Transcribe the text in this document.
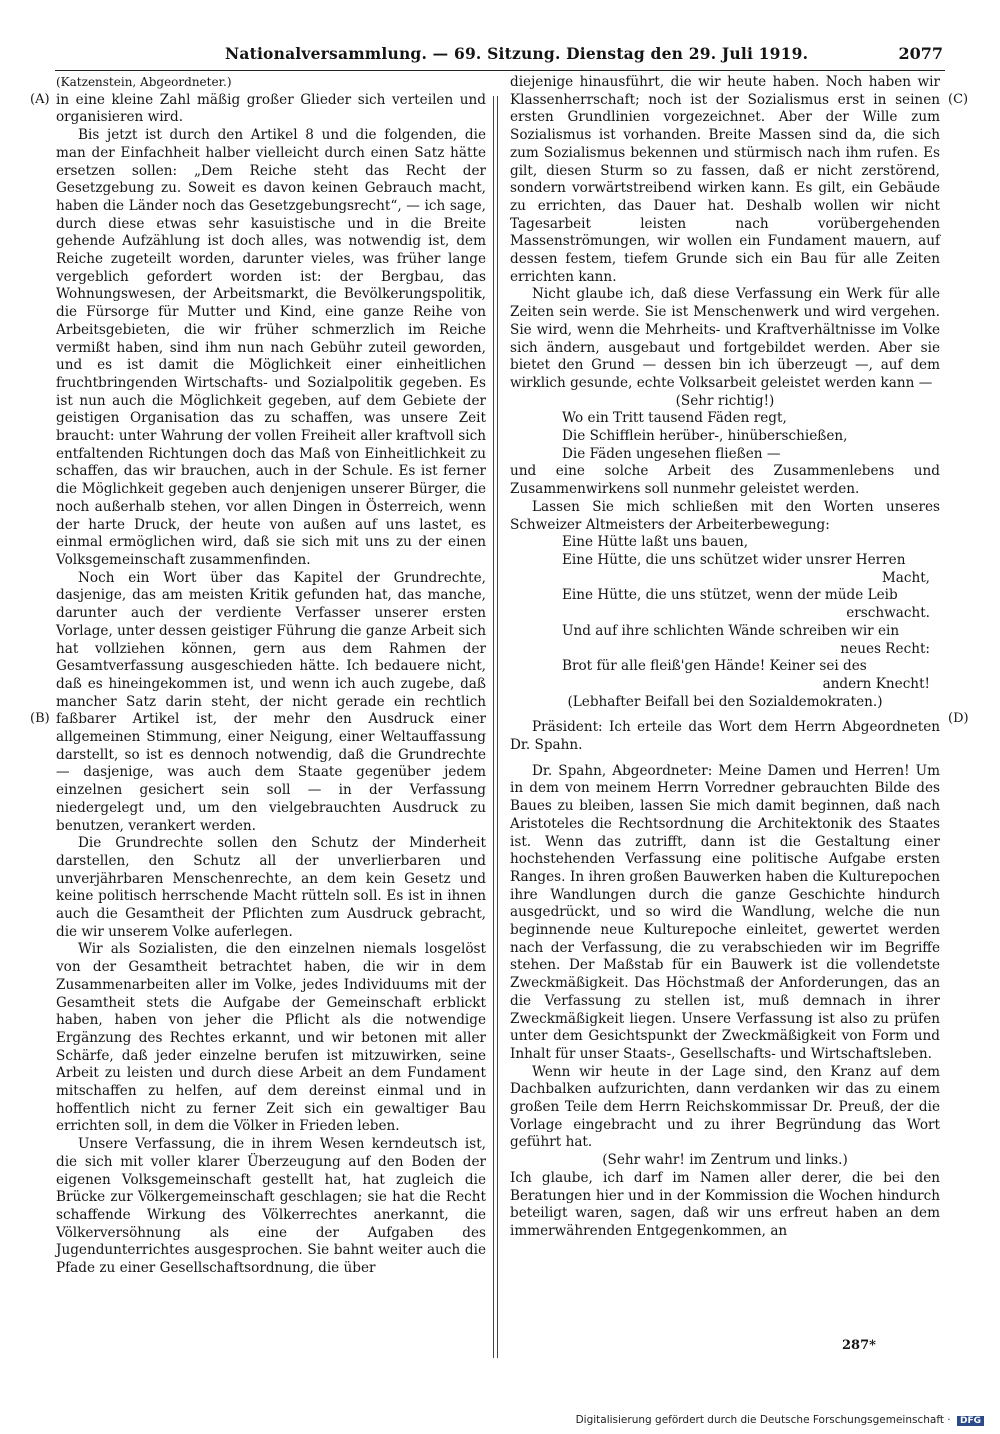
Nationalversammlung. — 69. Sitzung. Dienstag den 29. Juli 1919.	2077
(A)
(B)
(C)
(D)

(Katzenstein, Abgeordneter.)

in eine kleine Zahl mäßig großer Glieder sich verteilen und organisieren wird.

Bis jetzt ist durch den Artikel 8 und die folgenden, die man der Einfachheit halber vielleicht durch einen Satz hätte ersetzen sollen: „Dem Reiche steht das Recht der Gesetzgebung zu. Soweit es davon keinen Gebrauch macht, haben die Länder noch das Gesetzgebungsrecht“, — ich sage, durch diese etwas sehr kasuistische und in die Breite gehende Aufzählung ist doch alles, was notwendig ist, dem Reiche zugeteilt worden, darunter vieles, was früher lange vergeblich gefordert worden ist: der Bergbau, das Wohnungswesen, der Arbeitsmarkt, die Bevölkerungspolitik, die Fürsorge für Mutter und Kind, eine ganze Reihe von Arbeitsgebieten, die wir früher schmerzlich im Reiche vermißt haben, sind ihm nun nach Gebühr zuteil geworden, und es ist damit die Möglichkeit einer einheitlichen fruchtbringenden Wirtschafts- und Sozialpolitik gegeben. Es ist nun auch die Möglichkeit gegeben, auf dem Gebiete der geistigen Organisation das zu schaffen, was unsere Zeit braucht: unter Wahrung der vollen Freiheit aller kraftvoll sich entfaltenden Richtungen doch das Maß von Einheitlichkeit zu schaffen, das wir brauchen, auch in der Schule. Es ist ferner die Möglichkeit gegeben auch denjenigen unserer Bürger, die noch außerhalb stehen, vor allen Dingen in Österreich, wenn der harte Druck, der heute von außen auf uns lastet, es einmal ermöglichen wird, daß sie sich mit uns zu der einen Volksgemeinschaft zusammenfinden.

Noch ein Wort über das Kapitel der Grundrechte, dasjenige, das am meisten Kritik gefunden hat, das manche, darunter auch der verdiente Verfasser unserer ersten Vorlage, unter dessen geistiger Führung die ganze Arbeit sich hat vollziehen können, gern aus dem Rahmen der Gesamtverfassung ausgeschieden hätte. Ich bedauere nicht, daß es hineingekommen ist, und wenn ich auch zugebe, daß mancher Satz darin steht, der nicht gerade ein rechtlich faßbarer Artikel ist, der mehr den Ausdruck einer allgemeinen Stimmung, einer Neigung, einer Weltauffassung darstellt, so ist es dennoch notwendig, daß die Grundrechte — dasjenige, was auch dem Staate gegenüber jedem einzelnen gesichert sein soll — in der Verfassung niedergelegt und, um den vielgebrauchten Ausdruck zu benutzen, verankert werden.

Die Grundrechte sollen den Schutz der Minderheit darstellen, den Schutz all der unverlierbaren und unverjährbaren Menschenrechte, an dem kein Gesetz und keine politisch herrschende Macht rütteln soll. Es ist in ihnen auch die Gesamtheit der Pflichten zum Ausdruck gebracht, die wir unserem Volke auferlegen.

Wir als Sozialisten, die den einzelnen niemals losgelöst von der Gesamtheit betrachtet haben, die wir in dem Zusammenarbeiten aller im Volke, jedes Individuums mit der Gesamtheit stets die Aufgabe der Gemeinschaft erblickt haben, haben von jeher die Pflicht als die notwendige Ergänzung des Rechtes erkannt, und wir betonen mit aller Schärfe, daß jeder einzelne berufen ist mitzuwirken, seine Arbeit zu leisten und durch diese Arbeit an dem Fundament mitschaffen zu helfen, auf dem dereinst einmal und in hoffentlich nicht zu ferner Zeit sich ein gewaltiger Bau errichten soll, in dem die Völker in Frieden leben.

Unsere Verfassung, die in ihrem Wesen kerndeutsch ist, die sich mit voller klarer Überzeugung auf den Boden der eigenen Volksgemeinschaft gestellt hat, hat zugleich die Brücke zur Völkergemeinschaft geschlagen; sie hat die Recht schaffende Wirkung des Völkerrechtes anerkannt, die Völkerversöhnung als eine der Aufgaben des Jugendunterrichtes ausgesprochen. Sie bahnt weiter auch die Pfade zu einer Gesellschaftsordnung, die über

diejenige hinausführt, die wir heute haben. Noch haben wir Klassenherrschaft; noch ist der Sozialismus erst in seinen ersten Grundlinien vorgezeichnet. Aber der Wille zum Sozialismus ist vorhanden. Breite Massen sind da, die sich zum Sozialismus bekennen und stürmisch nach ihm rufen. Es gilt, diesen Sturm so zu fassen, daß er nicht zerstörend, sondern vorwärtstreibend wirken kann. Es gilt, ein Gebäude zu errichten, das Dauer hat. Deshalb wollen wir nicht Tagesarbeit leisten nach vorübergehenden Massenströmungen, wir wollen ein Fundament mauern, auf dessen festem, tiefem Grunde sich ein Bau für alle Zeiten errichten kann.

Nicht glaube ich, daß diese Verfassung ein Werk für alle Zeiten sein werde. Sie ist Menschenwerk und wird vergehen. Sie wird, wenn die Mehrheits- und Kraftverhältnisse im Volke sich ändern, ausgebaut und fortgebildet werden. Aber sie bietet den Grund — dessen bin ich überzeugt —, auf dem wirklich gesunde, echte Volksarbeit geleistet werden kann —

(Sehr richtig!)

Wo ein Tritt tausend Fäden regt,

Die Schifflein herüber-, hinüberschießen,

Die Fäden ungesehen fließen —

und eine solche Arbeit des Zusammenlebens und Zusammenwirkens soll nunmehr geleistet werden.

Lassen Sie mich schließen mit den Worten unseres Schweizer Altmeisters der Arbeiterbewegung:

Eine Hütte laßt uns bauen,

Eine Hütte, die uns schützet wider unsrer Herren

Macht,

Eine Hütte, die uns stützet, wenn der müde Leib

erschwacht.

Und auf ihre schlichten Wände schreiben wir ein

neues Recht:

Brot für alle fleiß'gen Hände! Keiner sei des

andern Knecht!

(Lebhafter Beifall bei den Sozialdemokraten.)

Präsident: Ich erteile das Wort dem Herrn Abgeordneten Dr. Spahn.

Dr. Spahn, Abgeordneter: Meine Damen und Herren! Um in dem von meinem Herrn Vorredner gebrauchten Bilde des Baues zu bleiben, lassen Sie mich damit beginnen, daß nach Aristoteles die Rechtsordnung die Architektonik des Staates ist. Wenn das zutrifft, dann ist die Gestaltung einer hochstehenden Verfassung eine politische Aufgabe ersten Ranges. In ihren großen Bauwerken haben die Kulturepochen ihre Wandlungen durch die ganze Geschichte hindurch ausgedrückt, und so wird die Wandlung, welche die nun beginnende neue Kulturepoche einleitet, gewertet werden nach der Verfassung, die zu verabschieden wir im Begriffe stehen. Der Maßstab für ein Bauwerk ist die vollendetste Zweckmäßigkeit. Das Höchstmaß der Anforderungen, das an die Verfassung zu stellen ist, muß demnach in ihrer Zweckmäßigkeit liegen. Unsere Verfassung ist also zu prüfen unter dem Gesichtspunkt der Zweckmäßigkeit von Form und Inhalt für unser Staats-, Gesellschafts- und Wirtschaftsleben.

Wenn wir heute in der Lage sind, den Kranz auf dem Dachbalken aufzurichten, dann verdanken wir das zu einem großen Teile dem Herrn Reichskommissar Dr. Preuß, der die Vorlage eingebracht und zu ihrer Begründung das Wort geführt hat.

(Sehr wahr! im Zentrum und links.)

Ich glaube, ich darf im Namen aller derer, die bei den Beratungen hier und in der Kommission die Wochen hindurch beteiligt waren, sagen, daß wir uns erfreut haben an dem immerwährenden Entgegenkommen, an

287*
Digitalisierung gefördert durch die Deutsche Forschungsgemeinschaft · DFG
